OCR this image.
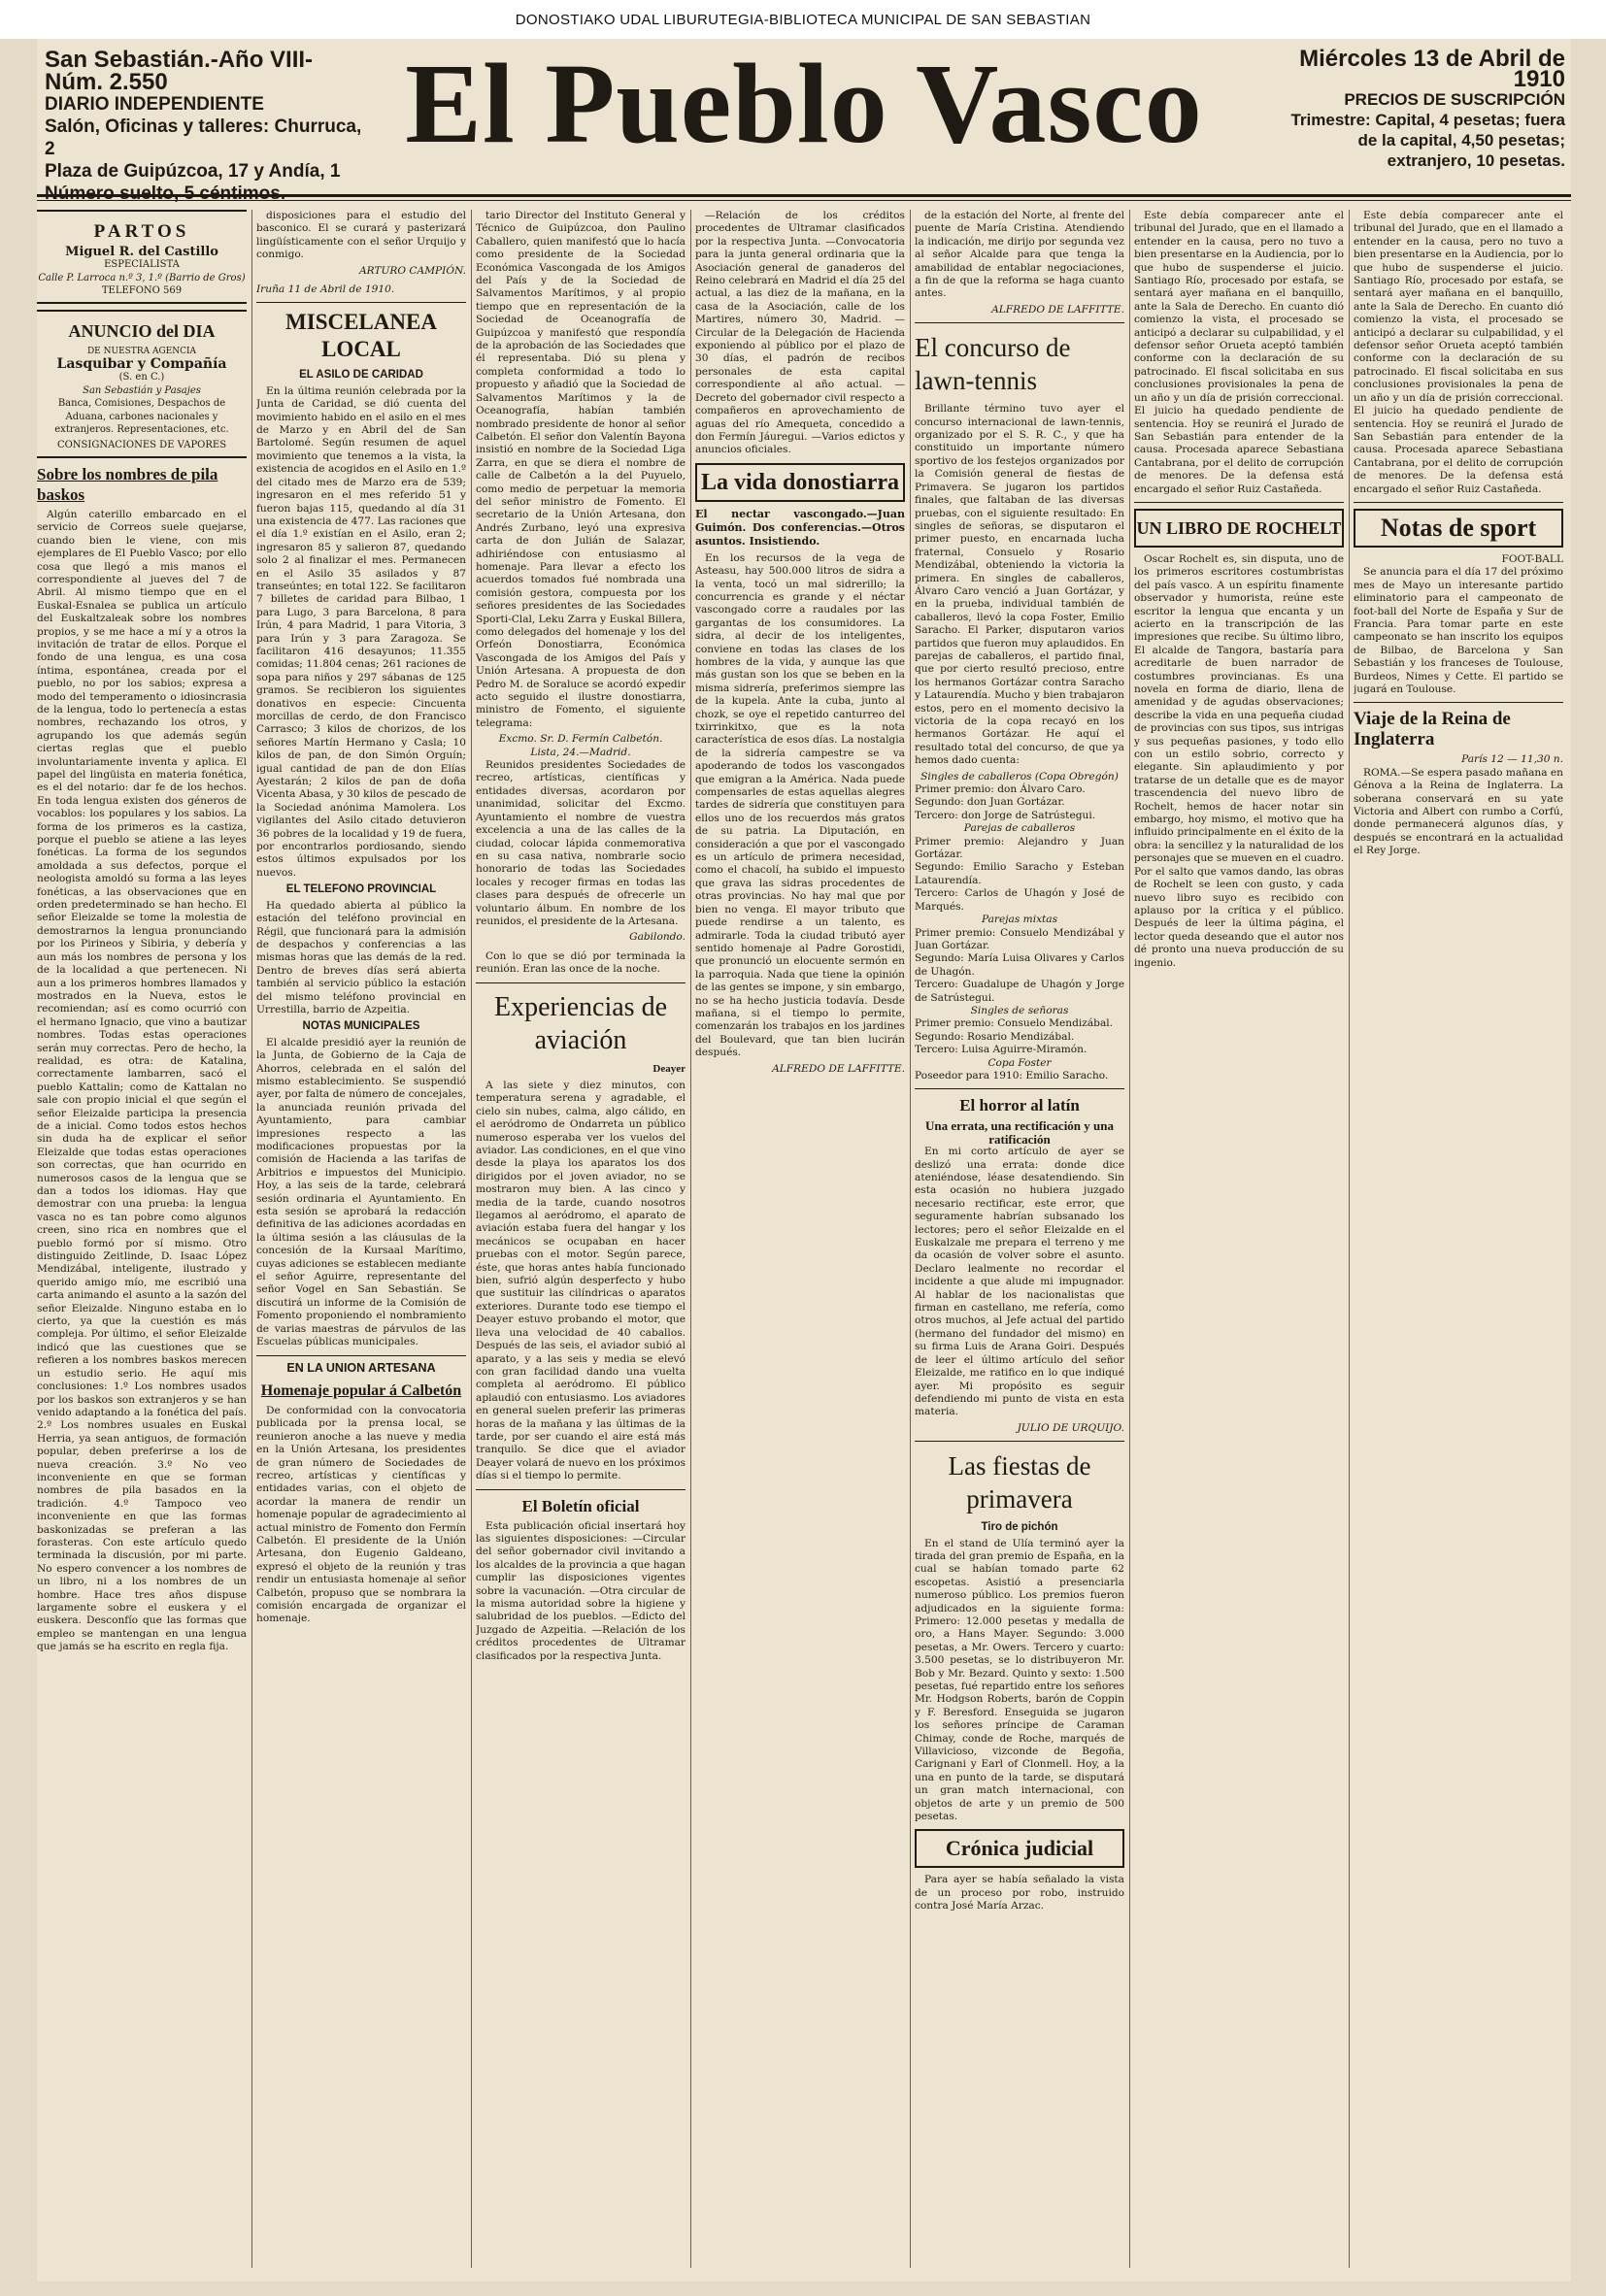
DONOSTIAKO UDAL LIBURUTEGIA-BIBLIOTECA MUNICIPAL DE SAN SEBASTIAN
San Sebastián.-Año VIII-Núm. 2.550
DIARIO INDEPENDIENTE
Salón, Oficinas y talleres: Churruca, 2
Plaza de Guipúzcoa, 17 y Andía, 1
El Pueblo Vasco	Miércoles 13 de Abril de 1910
PRECIOS DE SUSCRIPCIÓN
Trimestre: Capital, 4 pesetas; fuera de la capital, 4,50 pesetas; extranjero, 10 pesetas.
PARTOS
Miguel R. del Castillo
ESPECIALISTA
Calle P. Larroca n.º 3, 1.º (Barrio de Gros)
TELEFONO 569
ANUNCIO del DIA
DE NUESTRA AGENCIA
Lasquibar y Compañía
(S. en C.)
San Sebastián y Pasajes
Banca, Comisiones, Despachos de Aduana, carbones nacionales y extranjeros. Representaciones, etc.
CONSIGNACIONES DE VAPORES
Sobre los nombres de pila baskos
Algún caterillo embarcado en el servicio de Correos suele quejarse, cuando bien le viene, con mis ejemplares de El Pueblo Vasco; por ello cosa que llegó a mis manos el correspondiente al jueves del 7 de Abril. Al mismo tiempo que en el Euskal-Esnalea se publica un artículo del Euskaltzaleak sobre los nombres propios, y se me hace a mí y a otros la invitación de tratar de ellos. Porque el fondo de una lengua, es una cosa íntima, espontánea, creada por el pueblo, no por los sabios; expresa a modo del temperamento o idiosincrasia de la lengua, todo lo pertenecía a estas nombres, rechazando los otros, y agrupando los que además según ciertas reglas que el pueblo involuntariamente inventa y aplica. El papel del lingüista en materia fonética, es el del notario: dar fe de los hechos. En toda lengua existen dos géneros de vocablos: los populares y los sabios. La forma de los primeros es la castiza, porque el pueblo se atiene a las leyes fonéticas. La forma de los segundos amoldada a sus defectos, porque el neologista amoldó su forma a las leyes fonéticas, a las observaciones que en orden predeterminado se han hecho. El señor Eleizalde se tome la molestia de demostrarnos la lengua pronunciando por los Pirineos y Sibiria, y debería y aun más los nombres de persona y los de la localidad a que pertenecen. Ni aun a los primeros hombres llamados y mostrados en la Nueva, estos le recomiendan; así es como ocurrió con el hermano Ignacio, que vino a bautizar nombres. Todas estas operaciones serán muy correctas. Pero de hecho, la realidad, es otra: de Katalina, correctamente lambarren, sacó el pueblo Kattalin; como de Kattalan no sale con propio inicial el que según el señor Eleizalde participa la presencia de a inicial. Como todos estos hechos sin duda ha de explicar el señor Eleizalde que todas estas operaciones son correctas, que han ocurrido en numerosos casos de la lengua que se dan a todos los idiomas. Hay que demostrar con una prueba: la lengua vasca no es tan pobre como algunos creen, sino rica en nombres que el pueblo formó por sí mismo. Otro distinguido Zeitlinde, D. Isaac López Mendizábal, inteligente, ilustrado y querido amigo mío, me escribió una carta animando el asunto a la sazón del señor Eleizalde. Ninguno estaba en lo cierto, ya que la cuestión es más compleja. Por último, el señor Eleizalde indicó que las cuestiones que se refieren a los nombres baskos merecen un estudio serio. He aquí mis conclusiones: 1.º Los nombres usados por los baskos son extranjeros y se han venido adaptando a la fonética del país. 2.º Los nombres usuales en Euskal Herria, ya sean antiguos, de formación popular, deben preferirse a los de nueva creación. 3.º No veo inconveniente en que se forman nombres de pila basados en la tradición. 4.º Tampoco veo inconveniente en que las formas baskonizadas se preferan a las forasteras. Con este artículo quedo terminada la discusión, por mi parte. No espero convencer a los nombres de un libro, ni a los nombres de un hombre. Hace tres años dispuse largamente sobre el euskera y el euskera. Desconfío que las formas que empleo se mantengan en una lengua que jamás se ha escrito en regla fija.
disposiciones para el estudio del basconico. El se curará y pasterizará lingüísticamente con el señor Urquijo y conmigo.
ARTURO CAMPIÓN.
Iruña 11 de Abril de 1910.
MISCELANEA LOCAL
EL ASILO DE CARIDAD
En la última reunión celebrada por la Junta de Caridad, se dió cuenta del movimiento habido en el asilo en el mes de Marzo y en Abril del de San Bartolomé. Según resumen de aquel movimiento que tenemos a la vista, la existencia de acogidos en el Asilo en 1.º del citado mes de Marzo era de 539; ingresaron en el mes referido 51 y fueron bajas 115, quedando al día 31 una existencia de 477. Las raciones que el día 1.º existían en el Asilo, eran 2; ingresaron 85 y salieron 87, quedando solo 2 al finalizar el mes. Permanecen en el Asilo 35 asilados y 87 transeúntes; en total 122. Se facilitaron 7 billetes de caridad para Bilbao, 1 para Lugo, 3 para Barcelona, 8 para Irún, 4 para Madrid, 1 para Vitoria, 3 para Irún y 3 para Zaragoza. Se facilitaron 416 desayunos; 11.355 comidas; 11.804 cenas; 261 raciones de sopa para niños y 297 sábanas de 125 gramos. Se recibieron los siguientes donativos en especie: Cincuenta morcillas de cerdo, de don Francisco Carrasco; 3 kilos de chorizos, de los señores Martín Hermano y Casla; 10 kilos de pan, de don Simón Orguín; igual cantidad de pan de don Elías Ayestarán; 2 kilos de pan de doña Vicenta Abasa, y 30 kilos de pescado de la Sociedad anónima Mamolera. Los vigilantes del Asilo citado detuvieron 36 pobres de la localidad y 19 de fuera, por encontrarlos pordiosando, siendo estos últimos expulsados por los nuevos.
EL TELEFONO PROVINCIAL
Ha quedado abierta al público la estación del teléfono provincial en Régil, que funcionará para la admisión de despachos y conferencias a las mismas horas que las demás de la red. Dentro de breves días será abierta también al servicio público la estación del mismo teléfono provincial en Urrestilla, barrio de Azpeitia.
NOTAS MUNICIPALES
El alcalde presidió ayer la reunión de la Junta, de Gobierno de la Caja de Ahorros, celebrada en el salón del mismo establecimiento. Se suspendió ayer, por falta de número de concejales, la anunciada reunión privada del Ayuntamiento, para cambiar impresiones respecto a las modificaciones propuestas por la comisión de Hacienda a las tarifas de Arbitrios e impuestos del Municipio. Hoy, a las seis de la tarde, celebrará sesión ordinaria el Ayuntamiento. En esta sesión se aprobará la redacción definitiva de las adiciones acordadas en la última sesión a las cláusulas de la concesión de la Kursaal Marítimo, cuyas adiciones se establecen mediante el señor Aguirre, representante del señor Vogel en San Sebastián. Se discutirá un informe de la Comisión de Fomento proponiendo el nombramiento de varias maestras de párvulos de las Escuelas públicas municipales.
EN LA UNION ARTESANA
Homenaje popular á Calbetón
De conformidad con la convocatoria publicada por la prensa local, se reunieron anoche a las nueve y media en la Unión Artesana, los presidentes de gran número de Sociedades de recreo, artísticas y científicas y entidades varias, con el objeto de acordar la manera de rendir un homenaje popular de agradecimiento al actual ministro de Fomento don Fermín Calbetón. El presidente de la Unión Artesana, don Eugenio Galdeano, expresó el objeto de la reunión y tras rendir un entusiasta homenaje al señor Calbetón, propuso que se nombrara la comisión encargada de organizar el homenaje.
tario Director del Instituto General y Técnico de Guipúzcoa, don Paulino Caballero, quien manifestó que lo hacía como presidente de la Sociedad Económica Vascongada de los Amigos del País y de la Sociedad de Salvamentos Marítimos, y al propio tiempo que en representación de la Sociedad de Oceanografía de Guipúzcoa y manifestó que respondía de la aprobación de las Sociedades que él representaba. Dió su plena y completa conformidad a todo lo propuesto y añadió que la Sociedad de Salvamentos Marítimos y la de Oceanografía, habían también nombrado presidente de honor al señor Calbetón. El señor don Valentín Bayona insistió en nombre de la Sociedad Liga Zarra, en que se diera el nombre de calle de Calbetón a la del Puyuelo, como medio de perpetuar la memoria del señor ministro de Fomento. El secretario de la Unión Artesana, don Andrés Zurbano, leyó una expresiva carta de don Julián de Salazar, adhiriéndose con entusiasmo al homenaje. Para llevar a efecto los acuerdos tomados fué nombrada una comisión gestora, compuesta por los señores presidentes de las Sociedades Sporti-Clal, Leku Zarra y Euskal Billera, como delegados del homenaje y los del Orfeón Donostiarra, Económica Vascongada de los Amigos del País y Unión Artesana. A propuesta de don Pedro M. de Soraluce se acordó expedir acto seguido el ilustre donostiarra, ministro de Fomento, el siguiente telegrama:
Excmo. Sr. D. Fermín Calbetón.
Lista, 24.—Madrid.
Reunidos presidentes Sociedades de recreo, artísticas, científicas y entidades diversas, acordaron por unanimidad, solicitar del Excmo. Ayuntamiento el nombre de vuestra excelencia a una de las calles de la ciudad, colocar lápida conmemorativa en su casa nativa, nombrarle socio honorario de todas las Sociedades locales y recoger firmas en todas las clases para después de ofrecerle un voluntario álbum. En nombre de los reunidos, el presidente de la Artesana.
Gabilondo.
Con lo que se dió por terminada la reunión. Eran las once de la noche.
Experiencias de aviación
Deayer
A las siete y diez minutos, con temperatura serena y agradable, el cielo sin nubes, calma, algo cálido, en el aeródromo de Ondarreta un público numeroso esperaba ver los vuelos del aviador. Las condiciones, en el que vino desde la playa los aparatos los dos dirigidos por el joven aviador, no se mostraron muy bien. A las cinco y media de la tarde, cuando nosotros llegamos al aeródromo, el aparato de aviación estaba fuera del hangar y los mecánicos se ocupaban en hacer pruebas con el motor. Según parece, éste, que horas antes había funcionado bien, sufrió algún desperfecto y hubo que sustituir las cilíndricas o aparatos exteriores. Durante todo ese tiempo el Deayer estuvo probando el motor, que lleva una velocidad de 40 caballos. Después de las seis, el aviador subió al aparato, y a las seis y media se elevó con gran facilidad dando una vuelta completa al aeródromo. El público aplaudió con entusiasmo. Los aviadores en general suelen preferir las primeras horas de la mañana y las últimas de la tarde, por ser cuando el aire está más tranquilo. Se dice que el aviador Deayer volará de nuevo en los próximos días si el tiempo lo permite.
El Boletín oficial
Esta publicación oficial insertará hoy las siguientes disposiciones: —Circular del señor gobernador civil invitando a los alcaldes de la provincia a que hagan cumplir las disposiciones vigentes sobre la vacunación. —Otra circular de la misma autoridad sobre la higiene y salubridad de los pueblos. —Edicto del Juzgado de Azpeitia. —Relación de los créditos procedentes de Ultramar clasificados por la respectiva Junta.
—Relación de los créditos procedentes de Ultramar clasificados por la respectiva Junta. —Convocatoria para la junta general ordinaria que la Asociación general de ganaderos del Reino celebrará en Madrid el día 25 del actual, a las diez de la mañana, en la casa de la Asociación, calle de los Martires, número 30, Madrid. —Circular de la Delegación de Hacienda exponiendo al público por el plazo de 30 días, el padrón de recibos personales de esta capital correspondiente al año actual. —Decreto del gobernador civil respecto a compañeros en aprovechamiento de aguas del río Amequeta, concedido a don Fermín Jáuregui. —Varios edictos y anuncios oficiales.
La vida donostiarra
El nectar vascongado.—Juan Guimón. Dos conferencias.—Otros asuntos. Insistiendo.
En los recursos de la vega de Asteasu, hay 500.000 litros de sidra a la venta, tocó un mal sidrerillo; la concurrencia es grande y el néctar vascongado corre a raudales por las gargantas de los consumidores. La sidra, al decir de los inteligentes, conviene en todas las clases de los hombres de la vida, y aunque las que más gustan son los que se beben en la misma sidrería, preferimos siempre las de la kupela. Ante la cuba, junto al chozk, se oye el repetido canturreo del txirrinkitxo, que es la nota característica de esos días. La nostalgia de la sidrería campestre se va apoderando de todos los vascongados que emigran a la América. Nada puede compensarles de estas aquellas alegres tardes de sidrería que constituyen para ellos uno de los recuerdos más gratos de su patria. La Diputación, en consideración a que por el vascongado es un artículo de primera necesidad, como el chacolí, ha subido el impuesto que grava las sidras procedentes de otras provincias. No hay mal que por bien no venga. El mayor tributo que puede rendirse a un talento, es admirarle. Toda la ciudad tributó ayer sentido homenaje al Padre Gorostidi, que pronunció un elocuente sermón en la parroquia. Nada que tiene la opinión de las gentes se impone, y sin embargo, no se ha hecho justicia todavía. Desde mañana, si el tiempo lo permite, comenzarán los trabajos en los jardines del Boulevard, que tan bien lucirán después.
ALFREDO DE LAFFITTE.
de la estación del Norte, al frente del puente de María Cristina. Atendiendo la indicación, me dirijo por segunda vez al señor Alcalde para que tenga la amabilidad de entablar negociaciones, a fin de que la reforma se haga cuanto antes.
ALFREDO DE LAFFITTE.
El concurso de lawn-tennis
Brillante término tuvo ayer el concurso internacional de lawn-tennis, organizado por el S. R. C., y que ha constituido un importante número sportivo de los festejos organizados por la Comisión general de fiestas de Primavera. Se jugaron los partidos finales, que faltaban de las diversas pruebas, con el siguiente resultado: En singles de señoras, se disputaron el primer puesto, en encarnada lucha fraternal, Consuelo y Rosario Mendizábal, obteniendo la victoria la primera. En singles de caballeros, Álvaro Caro venció a Juan Gortázar, y en la prueba, individual también de caballeros, llevó la copa Foster, Emilio Saracho. El Parker, disputaron varios partidos que fueron muy aplaudidos. En parejas de caballeros, el partido final, que por cierto resultó precioso, entre los hermanos Gortázar contra Saracho y Lataurendía. Mucho y bien trabajaron estos, pero en el momento decisivo la victoria de la copa recayó en los hermanos Gortázar. He aquí el resultado total del concurso, de que ya hemos dado cuenta:
Singles de caballeros (Copa Obregón)
Primer premio: don Álvaro Caro.
Segundo: don Juan Gortázar.
Tercero: don Jorge de Satrústegui.
Parejas de caballeros
Primer premio: Alejandro y Juan Gortázar.
Segundo: Emilio Saracho y Esteban Lataurendía.
Tercero: Carlos de Uhagón y José de Marqués.
Parejas mixtas
Primer premio: Consuelo Mendizábal y Juan Gortázar.
Segundo: María Luisa Olivares y Carlos de Uhagón.
Tercero: Guadalupe de Uhagón y Jorge de Satrústegui.
Singles de señoras
Primer premio: Consuelo Mendizábal.
Segundo: Rosario Mendizábal.
Tercero: Luisa Aguirre-Miramón.
Copa Foster
Poseedor para 1910: Emilio Saracho.
El horror al latín
Una errata, una rectificación y una ratificación
En mi corto artículo de ayer se deslizó una errata: donde dice ateniéndose, léase desatendiendo. Sin esta ocasión no hubiera juzgado necesario rectificar, este error, que seguramente habrían subsanado los lectores; pero el señor Eleizalde en el Euskalzale me prepara el terreno y me da ocasión de volver sobre el asunto. Declaro lealmente no recordar el incidente a que alude mi impugnador. Al hablar de los nacionalistas que firman en castellano, me refería, como otros muchos, al Jefe actual del partido (hermano del fundador del mismo) en su firma Luis de Arana Goiri. Después de leer el último artículo del señor Eleizalde, me ratifico en lo que indiqué ayer. Mi propósito es seguir defendiendo mi punto de vista en esta materia.
JULIO DE URQUIJO.
Las fiestas de primavera
Tiro de pichón
En el stand de Ulía terminó ayer la tirada del gran premio de España, en la cual se habían tomado parte 62 escopetas. Asistió a presenciarla numeroso público. Los premios fueron adjudicados en la siguiente forma: Primero: 12.000 pesetas y medalla de oro, a Hans Mayer. Segundo: 3.000 pesetas, a Mr. Owers. Tercero y cuarto: 3.500 pesetas, se lo distribuyeron Mr. Bob y Mr. Bezard. Quinto y sexto: 1.500 pesetas, fué repartido entre los señores Mr. Hodgson Roberts, barón de Coppin y F. Beresford. Enseguida se jugaron los señores príncipe de Caraman Chimay, conde de Roche, marqués de Villavicioso, vizconde de Begoña, Carignani y Earl of Clonmell. Hoy, a la una en punto de la tarde, se disputará un gran match internacional, con objetos de arte y un premio de 500 pesetas.
Crónica judicial
Para ayer se había señalado la vista de un proceso por robo, instruido contra José María Arzac.
Este debía comparecer ante el tribunal del Jurado, que en el llamado a entender en la causa, pero no tuvo a bien presentarse en la Audiencia, por lo que hubo de suspenderse el juicio. Santiago Río, procesado por estafa, se sentará ayer mañana en el banquillo, ante la Sala de Derecho. En cuanto dió comienzo la vista, el procesado se anticipó a declarar su culpabilidad, y el defensor señor Orueta aceptó también conforme con la declaración de su patrocinado. El fiscal solicitaba en sus conclusiones provisionales la pena de un año y un día de prisión correccional. El juicio ha quedado pendiente de sentencia. Hoy se reunirá el Jurado de San Sebastián para entender de la causa. Procesada aparece Sebastiana Cantabrana, por el delito de corrupción de menores. De la defensa está encargado el señor Ruiz Castañeda.
UN LIBRO DE ROCHELT
Oscar Rochelt es, sin disputa, uno de los primeros escritores costumbristas del país vasco. A un espíritu finamente observador y humorista, reúne este escritor la lengua que encanta y un acierto en la transcripción de las impresiones que recibe. Su último libro, El alcalde de Tangora, bastaría para acreditarle de buen narrador de costumbres provincianas. Es una novela en forma de diario, llena de amenidad y de agudas observaciones; describe la vida en una pequeña ciudad de provincias con sus tipos, sus intrigas y sus pequeñas pasiones, y todo ello con un estilo sobrio, correcto y elegante. Sin aplaudimiento y por tratarse de un detalle que es de mayor trascendencia del nuevo libro de Rochelt, hemos de hacer notar sin embargo, hoy mismo, el motivo que ha influido principalmente en el éxito de la obra: la sencillez y la naturalidad de los personajes que se mueven en el cuadro. Por el salto que vamos dando, las obras de Rochelt se leen con gusto, y cada nuevo libro suyo es recibido con aplauso por la crítica y el público. Después de leer la última página, el lector queda deseando que el autor nos dé pronto una nueva producción de su ingenio.
Este debía comparecer ante el tribunal del Jurado, que en el llamado a entender en la causa, pero no tuvo a bien presentarse en la Audiencia, por lo que hubo de suspenderse el juicio. Santiago Río, procesado por estafa, se sentará ayer mañana en el banquillo, ante la Sala de Derecho. En cuanto dió comienzo la vista, el procesado se anticipó a declarar su culpabilidad, y el defensor señor Orueta aceptó también conforme con la declaración de su patrocinado. El fiscal solicitaba en sus conclusiones provisionales la pena de un año y un día de prisión correccional. El juicio ha quedado pendiente de sentencia. Hoy se reunirá el Jurado de San Sebastián para entender de la causa. Procesada aparece Sebastiana Cantabrana, por el delito de corrupción de menores. De la defensa está encargado el señor Ruiz Castañeda.
Notas de sport
FOOT-BALL
Se anuncia para el día 17 del próximo mes de Mayo un interesante partido eliminatorio para el campeonato de foot-ball del Norte de España y Sur de Francia. Para tomar parte en este campeonato se han inscrito los equipos de Bilbao, de Barcelona y San Sebastián y los franceses de Toulouse, Burdeos, Nimes y Cette. El partido se jugará en Toulouse.
Viaje de la Reina de Inglaterra
París 12 — 11,30 n.
ROMA.—Se espera pasado mañana en Génova a la Reina de Inglaterra. La soberana conservará en su yate Victoria and Albert con rumbo a Corfú, donde permanecerá algunos días, y después se encontrará en la actualidad el Rey Jorge.
